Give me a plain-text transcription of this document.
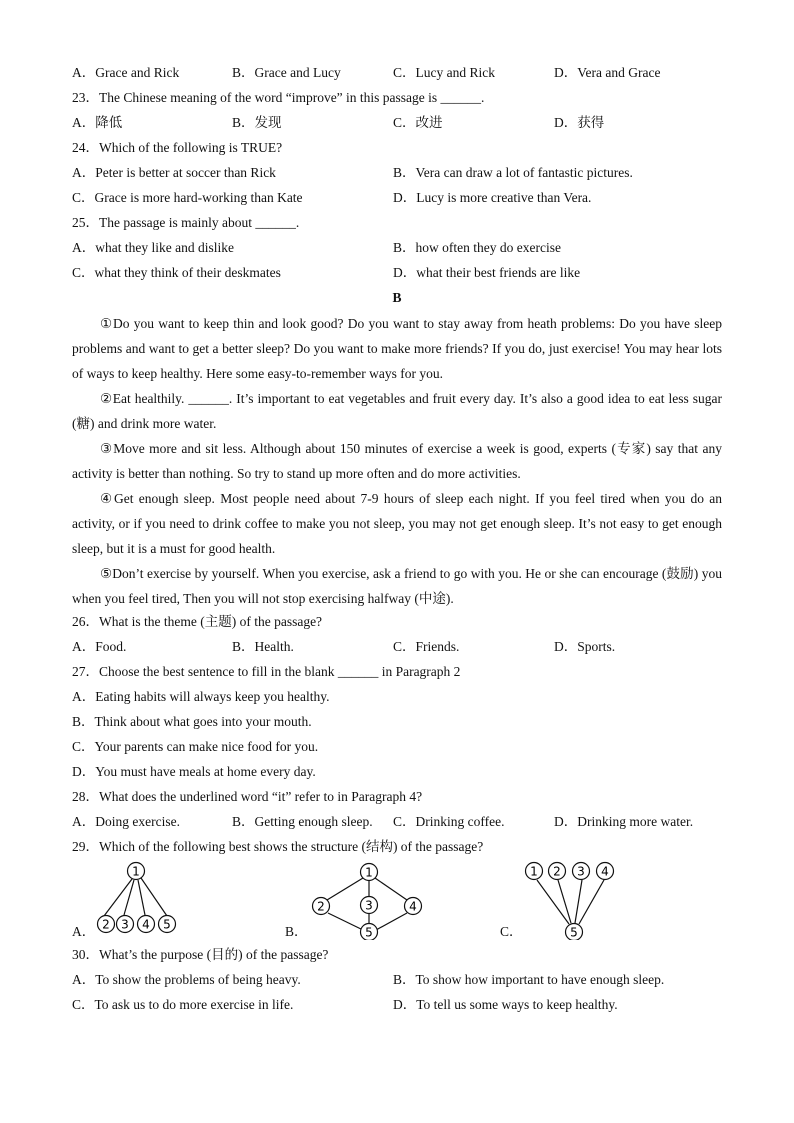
A．Grace and Rick	B．Grace and Lucy	C．Lucy and Rick	D．Vera and Grace
23．The Chinese meaning of the word “improve” in this passage is ______.
A．降低	B．发现	C．改进	D．获得
24．Which of the following is TRUE?
A．Peter is better at soccer than Rick	B．Vera can draw a lot of fantastic pictures.
C．Grace is more hard-working than Kate	D．Lucy is more creative than Vera.
25．The passage is mainly about ______.
A．what they like and dislike	B．how often they do exercise
C．what they think of their deskmates	D．what their best friends are like
B
①Do you want to keep thin and look good? Do you want to stay away from heath problems: Do you have sleep problems and want to get a better sleep? Do you want to make more friends? If you do, just exercise! You may hear lots of ways to keep healthy. Here some easy-to-remember ways for you.
②Eat healthily. ______. It’s important to eat vegetables and fruit every day. It’s also a good idea to eat less sugar (糖) and drink more water.
③Move more and sit less. Although about 150 minutes of exercise a week is good, experts (专家) say that any activity is better than nothing. So try to stand up more often and do more activities.
④Get enough sleep. Most people need about 7-9 hours of sleep each night. If you feel tired when you do an activity, or if you need to drink coffee to make you not sleep, you may not get enough sleep. It’s not easy to get enough sleep, but it is a must for good health.
⑤Don’t exercise by yourself. When you exercise, ask a friend to go with you. He or she can encourage (鼓励) you when you feel tired, Then you will not stop exercising halfway (中途).
26．What is the theme (主题) of the passage?
A．Food.	B．Health.	C．Friends.	D．Sports.
27．Choose the best sentence to fill in the blank ______ in Paragraph 2
A．Eating habits will always keep you healthy.
B．Think about what goes into your mouth.
C．Your parents can make nice food for you.
D．You must have meals at home every day.
28．What does the underlined word “it” refer to in Paragraph 4?
A．Doing exercise.	B．Getting enough sleep. C．Drinking coffee.	D．Drinking more water.
29．Which of the following best shows the structure (结构) of the passage?
A．	B．	C．
1
2 3 4 5
1
2	3	4
5
1 2 3 4
5
30．What’s the purpose (目的) of the passage?
A．To show the problems of being heavy.	B．To show how important to have enough sleep.
C．To ask us to do more exercise in life.	D．To tell us some ways to keep healthy.
